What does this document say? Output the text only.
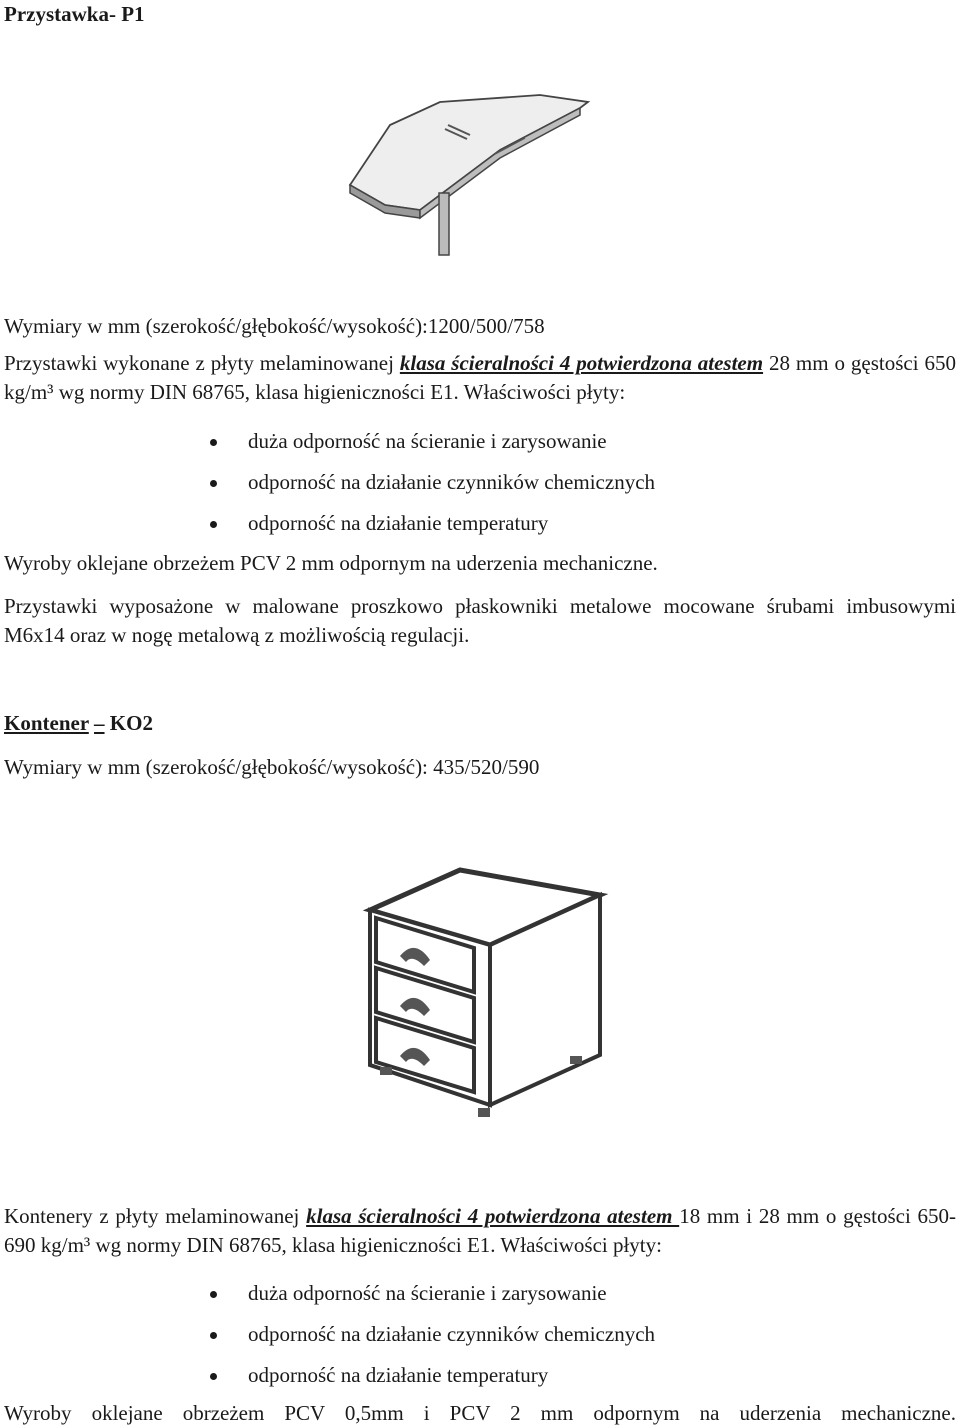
Przystawka- P1
Wymiary w mm (szerokość/głębokość/wysokość):1200/500/758
Przystawki wykonane z płyty melaminowanej klasa ścieralności 4 potwierdzona atestem 28 mm o gęstości 650 kg/m³ wg normy DIN 68765, klasa higieniczności E1. Właściwości płyty:
duża odporność na ścieranie i zarysowanie
odporność na działanie czynników chemicznych
odporność na działanie temperatury
Wyroby oklejane obrzeżem PCV 2 mm odpornym na uderzenia mechaniczne.
Przystawki wyposażone w malowane proszkowo płaskowniki metalowe mocowane śrubami imbusowymi M6x14 oraz w nogę metalową z możliwością regulacji.
Kontener – KO2
Wymiary w mm (szerokość/głębokość/wysokość): 435/520/590
Kontenery z płyty melaminowanej klasa ścieralności 4 potwierdzona atestem 18 mm i 28 mm o gęstości 650-690 kg/m³ wg normy DIN 68765, klasa higieniczności E1. Właściwości płyty:
duża odporność na ścieranie i zarysowanie
odporność na działanie czynników chemicznych
odporność na działanie temperatury
Wyroby oklejane obrzeżem PCV 0,5mm i PCV 2 mm odpornym na uderzenia mechaniczne.
